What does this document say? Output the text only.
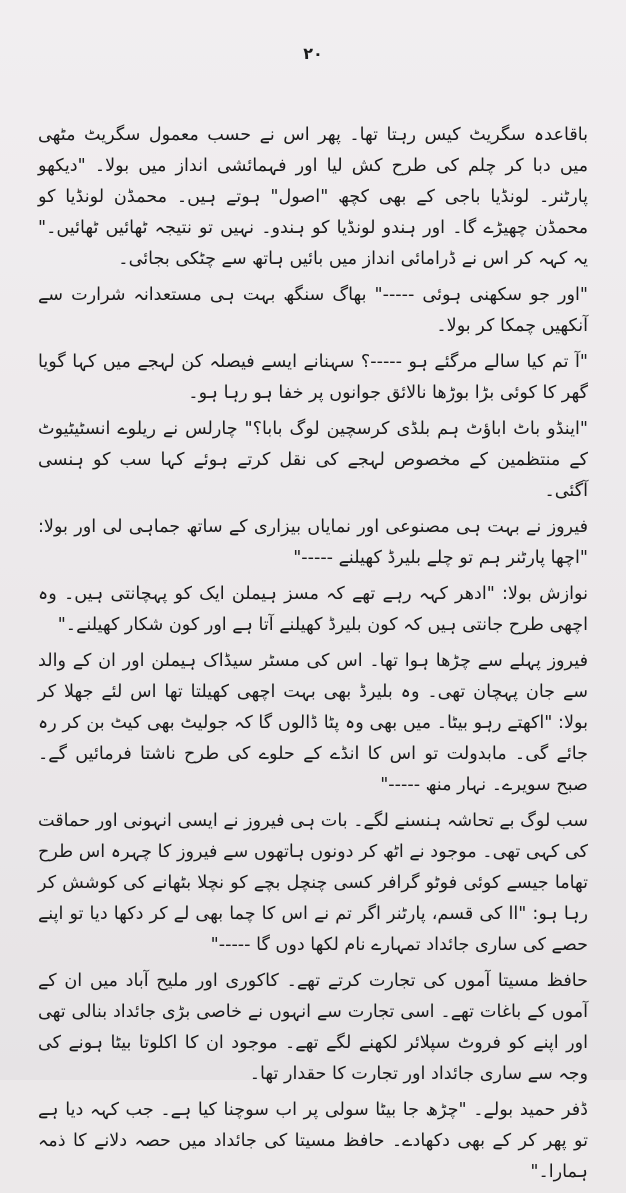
۲۰

باقاعدہ سگریٹ کیس رہتا تھا۔ پھر اس نے حسب معمول سگریٹ مٹھی میں دبا کر چلم کی طرح کش لیا اور فہمائشی انداز میں بولا۔ "دیکھو پارٹنر۔ لونڈیا باجی کے بھی کچھ "اصول" ہوتے ہیں۔ محمڈن لونڈیا کو محمڈن چھیڑے گا۔ اور ہندو لونڈیا کو ہندو۔ نہیں تو نتیجہ ٹھائیں ٹھائیں۔" یہ کہہ کر اس نے ڈرامائی انداز میں بائیں ہاتھ سے چٹکی بجائی۔

"اور جو سکھنی ہوئی -----" بھاگ سنگھ بہت ہی مستعدانہ شرارت سے آنکھیں چمکا کر بولا۔

"آ تم کیا سالے مرگئے ہو -----؟ سہنانے ایسے فیصلہ کن لہجے میں کہا گویا گھر کا کوئی بڑا بوڑھا نالائق جوانوں پر خفا ہو رہا ہو۔

"اینڈو باٹ اباؤٹ ہم بلڈی کرسچین لوگ بابا؟" چارلس نے ریلوے انسٹیٹیوٹ کے منتظمین کے مخصوص لہجے کی نقل کرتے ہوئے کہا سب کو ہنسی آگئی۔

فیروز نے بہت ہی مصنوعی اور نمایاں بیزاری کے ساتھ جماہی لی اور بولا: "اچھا پارٹنر ہم تو چلے بلیرڈ کھیلنے -----"

نوازش بولا: "ادھر کہہ رہے تھے کہ مسز ہیملن ایک کو پہچانتی ہیں۔ وہ اچھی طرح جانتی ہیں کہ کون بلیرڈ کھیلنے آتا ہے اور کون شکار کھیلنے۔"

فیروز پہلے سے چڑھا ہوا تھا۔ اس کی مسٹر سیڈاک ہیملن اور ان کے والد سے جان پہچان تھی۔ وہ بلیرڈ بھی بہت اچھی کھیلتا تھا اس لئے جھلا کر بولا: "اکھتے رہو بیٹا۔ میں بھی وہ پٹا ڈالوں گا کہ جولیٹ بھی کیٹ بن کر رہ جائے گی۔ مابدولت تو اس کا انڈے کے حلوے کی طرح ناشتا فرمائیں گے۔ صبح سویرے۔ نہار منھ -----"

سب لوگ بے تحاشہ ہنسنے لگے۔ بات ہی فیروز نے ایسی انہونی اور حماقت کی کہی تھی۔ موجود نے اٹھ کر دونوں ہاتھوں سے فیروز کا چہرہ اس طرح تھاما جیسے کوئی فوٹو گرافر کسی چنچل بچے کو نچلا بٹھانے کی کوشش کر رہا ہو: "اا کی قسم، پارٹنر اگر تم نے اس کا چما بھی لے کر دکھا دیا تو اپنے حصے کی ساری جائداد تمہارے نام لکھا دوں گا -----"

حافظ مسیتا آموں کی تجارت کرتے تھے۔ کاکوری اور ملیح آباد میں ان کے آموں کے باغات تھے۔ اسی تجارت سے انہوں نے خاصی بڑی جائداد بنالی تھی اور اپنے کو فروٹ سپلائر لکھنے لگے تھے۔ موجود ان کا اکلوتا بیٹا ہونے کی وجہ سے ساری جائداد اور تجارت کا حقدار تھا۔

ڈفر حمید بولے۔ "چڑھ جا بیٹا سولی پر اب سوچنا کیا ہے۔ جب کہہ دیا ہے تو پھر کر کے بھی دکھادے۔ حافظ مسیتا کی جائداد میں حصہ دلانے کا ذمہ ہمارا۔"
